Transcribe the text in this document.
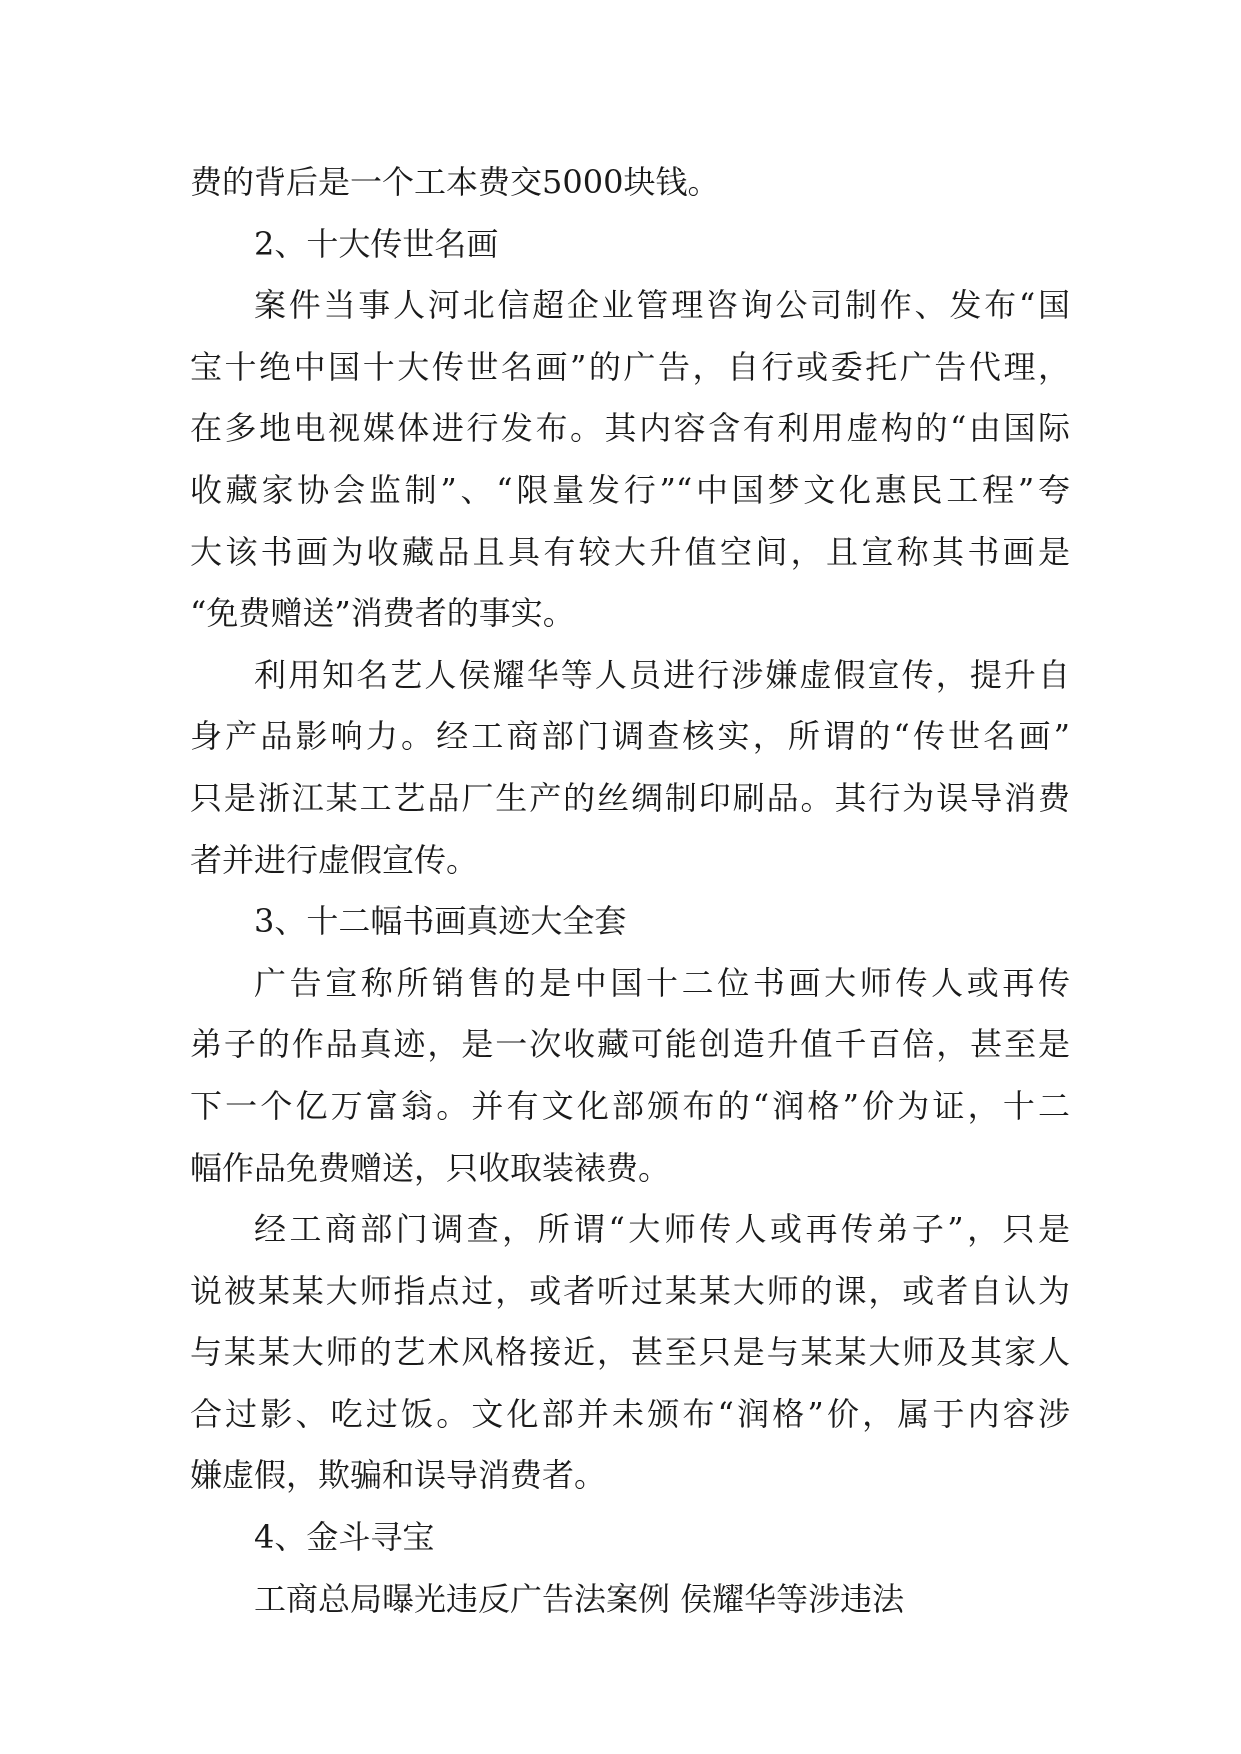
费的背后是一个工本费交5000块钱。
2、十大传世名画
案件当事人河北信超企业管理咨询公司制作、发布“国
宝十绝中国十大传世名画”的广告，自行或委托广告代理，
在多地电视媒体进行发布。其内容含有利用虚构的“由国际
收藏家协会监制”、“限量发行”“中国梦文化惠民工程”夸
大该书画为收藏品且具有较大升值空间，且宣称其书画是
“免费赠送”消费者的事实。
利用知名艺人侯耀华等人员进行涉嫌虚假宣传，提升自
身产品影响力。经工商部门调查核实，所谓的“传世名画”
只是浙江某工艺品厂生产的丝绸制印刷品。其行为误导消费
者并进行虚假宣传。
3、十二幅书画真迹大全套
广告宣称所销售的是中国十二位书画大师传人或再传
弟子的作品真迹，是一次收藏可能创造升值千百倍，甚至是
下一个亿万富翁。并有文化部颁布的“润格”价为证，十二
幅作品免费赠送，只收取装裱费。
经工商部门调查，所谓“大师传人或再传弟子”，只是
说被某某大师指点过，或者听过某某大师的课，或者自认为
与某某大师的艺术风格接近，甚至只是与某某大师及其家人
合过影、吃过饭。文化部并未颁布“润格”价，属于内容涉
嫌虚假，欺骗和误导消费者。
4、金斗寻宝
工商总局曝光违反广告法案例 侯耀华等涉违法
